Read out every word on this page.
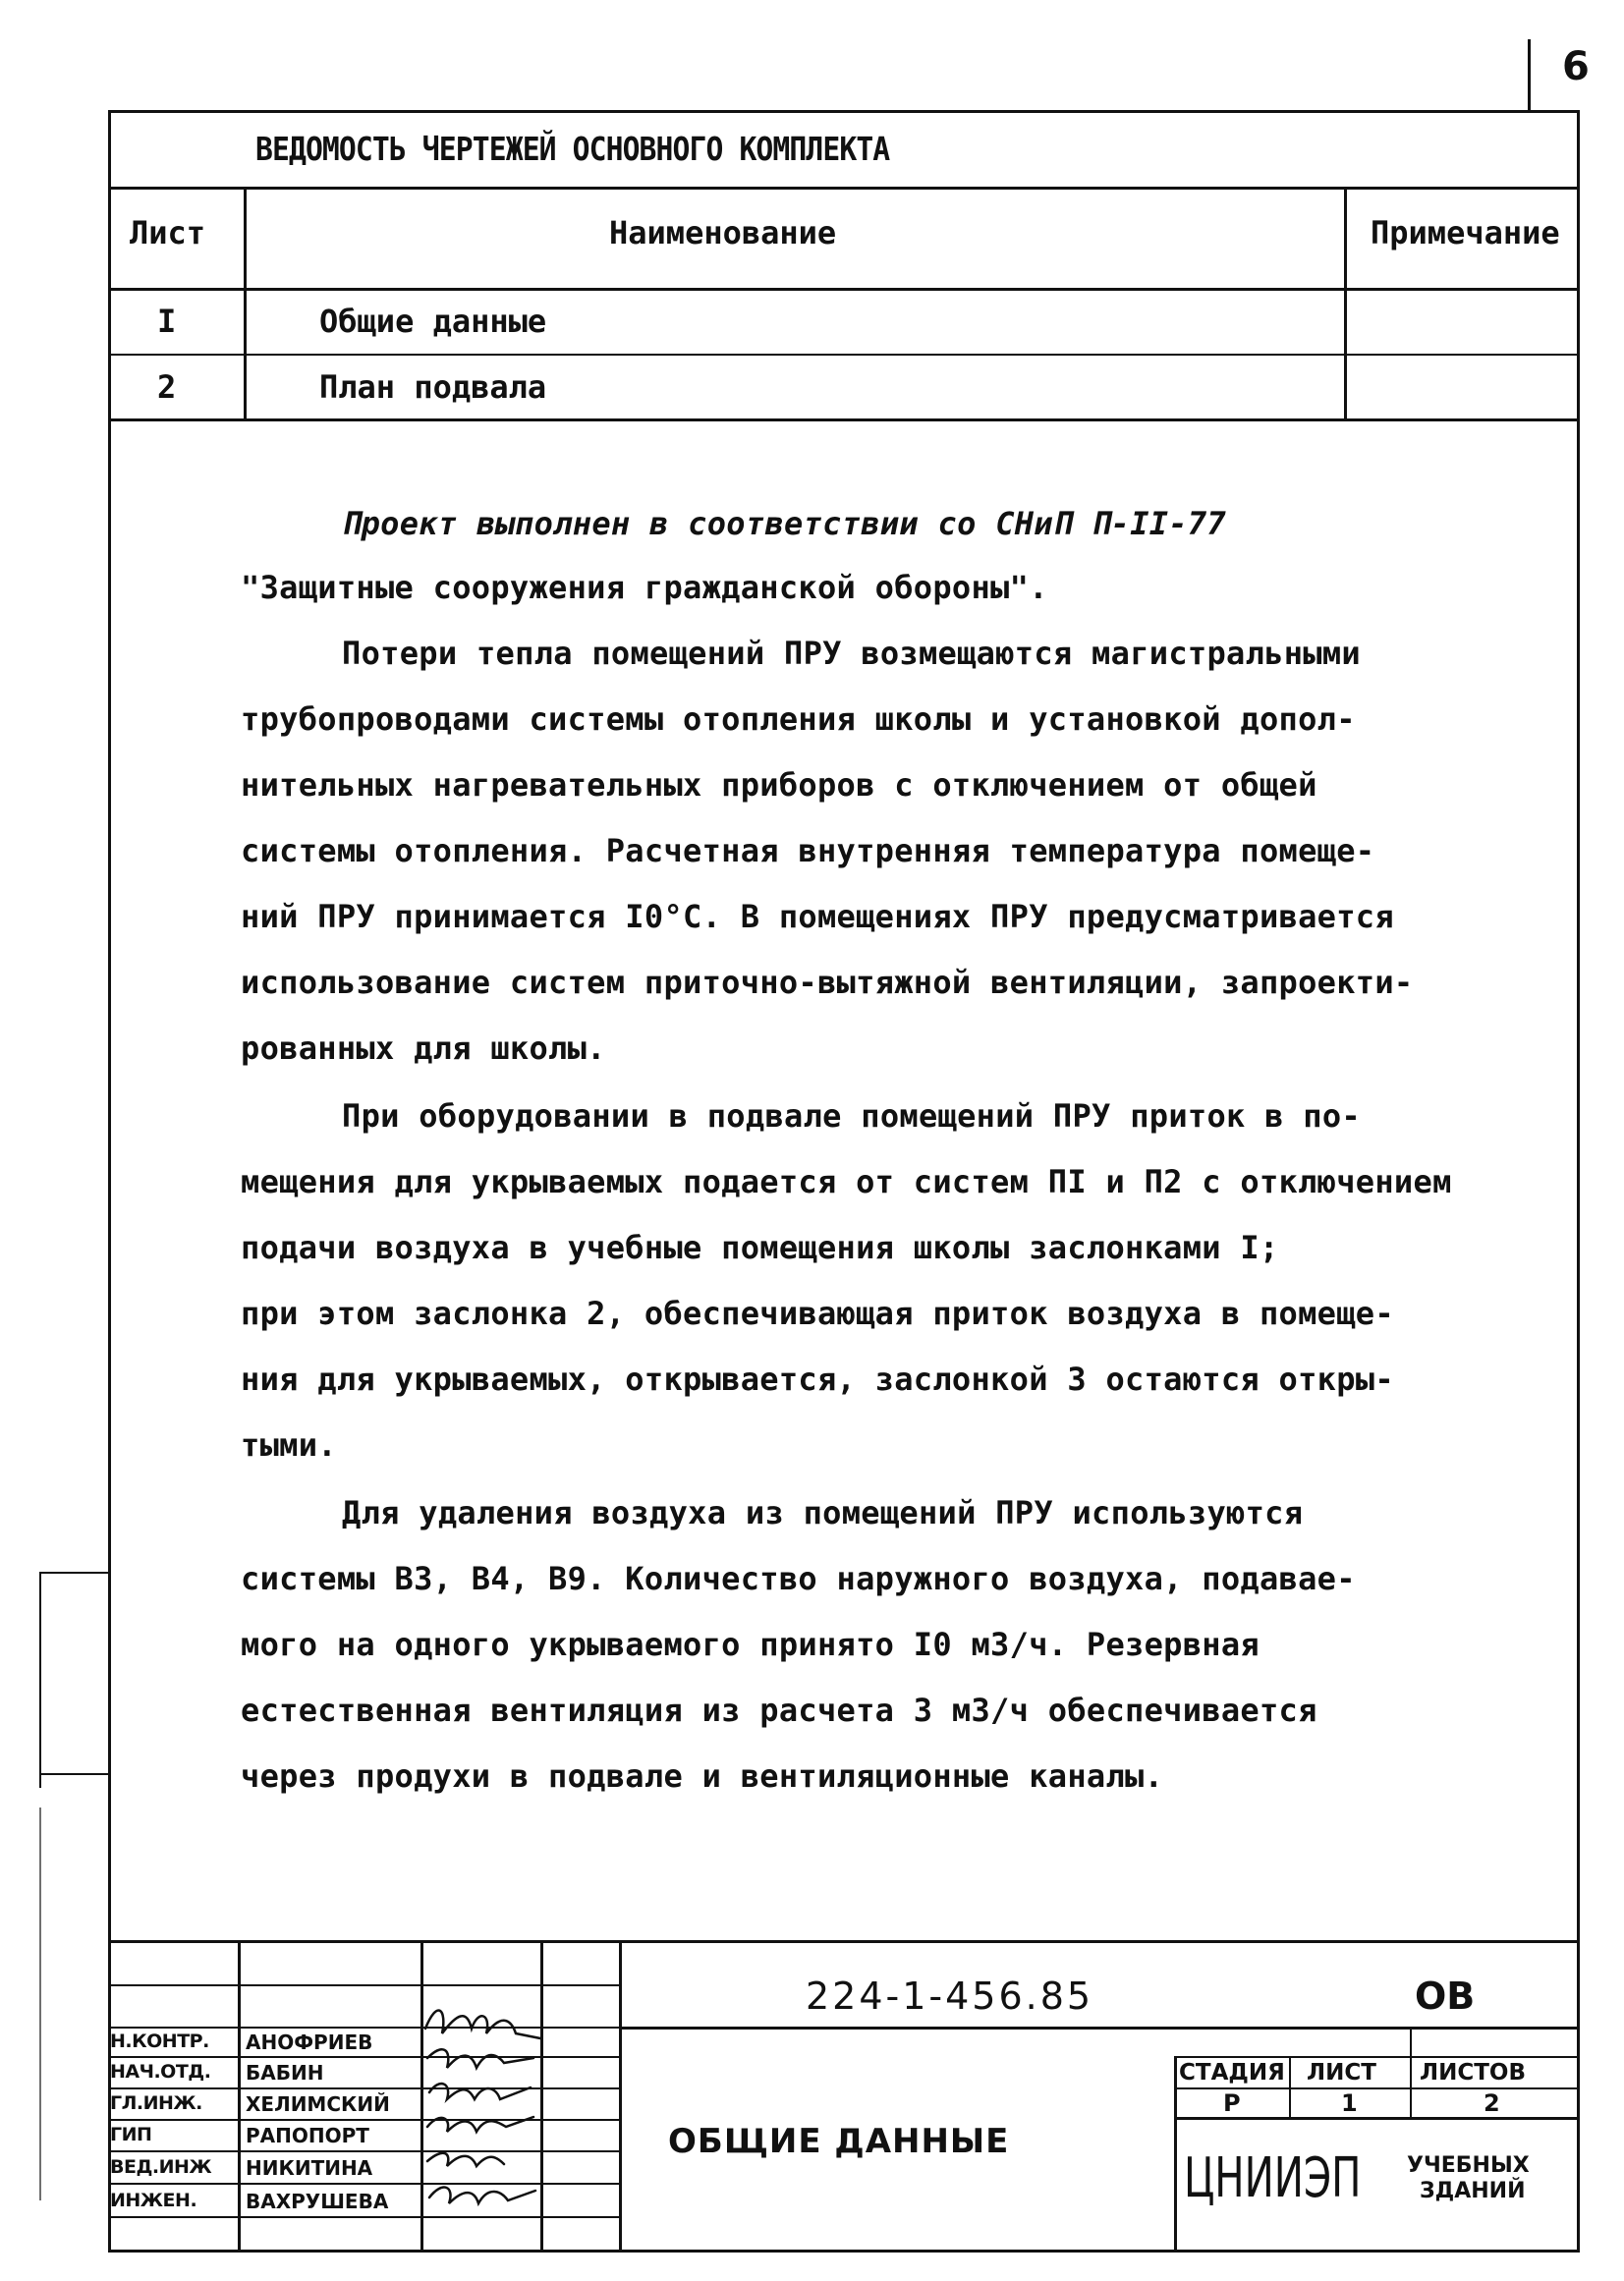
6
ВЕДОМОСТЬ ЧЕРТЕЖЕЙ ОСНОВНОГО КОМПЛЕКТА
Лист	Наименование	Примечание
I	Общие данные
2	План подвала
Проект выполнен в соответствии со СНиП П-II-77
"Защитные сооружения гражданской обороны".
Потери тепла помещений ПРУ возмещаются магистральными
трубопроводами системы отопления школы и установкой допол-
нительных нагревательных приборов с отключением от общей
системы отопления. Расчетная внутренняя температура помеще-
ний ПРУ принимается I0°С. В помещениях ПРУ предусматривается
использование систем приточно-вытяжной вентиляции, запроекти-
рованных для школы.
При оборудовании в подвале помещений ПРУ приток в по-
мещения для укрываемых подается от систем ПI и П2 с отключением
подачи воздуха в учебные помещения школы заслонками I;
при этом заслонка 2, обеспечивающая приток воздуха в помеще-
ния для укрываемых, открывается, заслонкой 3 остаются откры-
тыми.
Для удаления воздуха из помещений ПРУ используются
системы В3, В4, В9. Количество наружного воздуха, подавае-
мого на одного укрываемого принято I0 м3/ч. Резервная
естественная вентиляция из расчета 3 м3/ч обеспечивается
через продухи в подвале и вентиляционные каналы.
224-1-456.85	ОВ
ОБЩИЕ ДАННЫЕ
СТАДИЯ ЛИСТ ЛИСТОВ
Р	1	2
ЦНИИЭП УЧЕБНЫХ
ЗДАНИЙ
Н.КОНТР. АНОФРИЕВ
НАЧ.ОТД. БАБИН
ГЛ.ИНЖ. ХЕЛИМСКИЙ
ГИП	РАПОПОРТ
ВЕД.ИНЖ НИКИТИНА
ИНЖЕН. ВАХРУШЕВА
